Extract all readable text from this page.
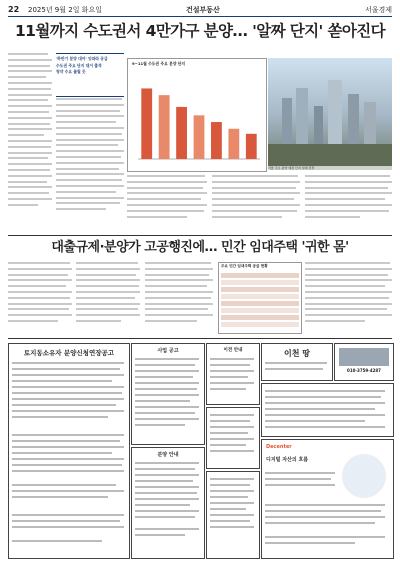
22 2025년 9월 2일 화요일	건설부동산	서울경제
11월까지 수도권서 4만가구 분양… '알짜 단지' 쏟아진다
'하반기 분양 대어' 잇따라 공급
수도권 주요 단지 대거 출격
청약 수요 몰릴 듯
9~11월 수도권 주요 분양 단지
서울 주요 분양 예정 단지 일대 전경
대출규제·분양가 고공행진에… 민간 임대주택 '귀한 몸'
주요 민간 임대주택 공급 현황
토지동소유자 분양신청연장공고	사업 공고
분양 안내
이전 안내	이천 땅
010-3759-4287
Decenter
디지털 자산의 흐름
